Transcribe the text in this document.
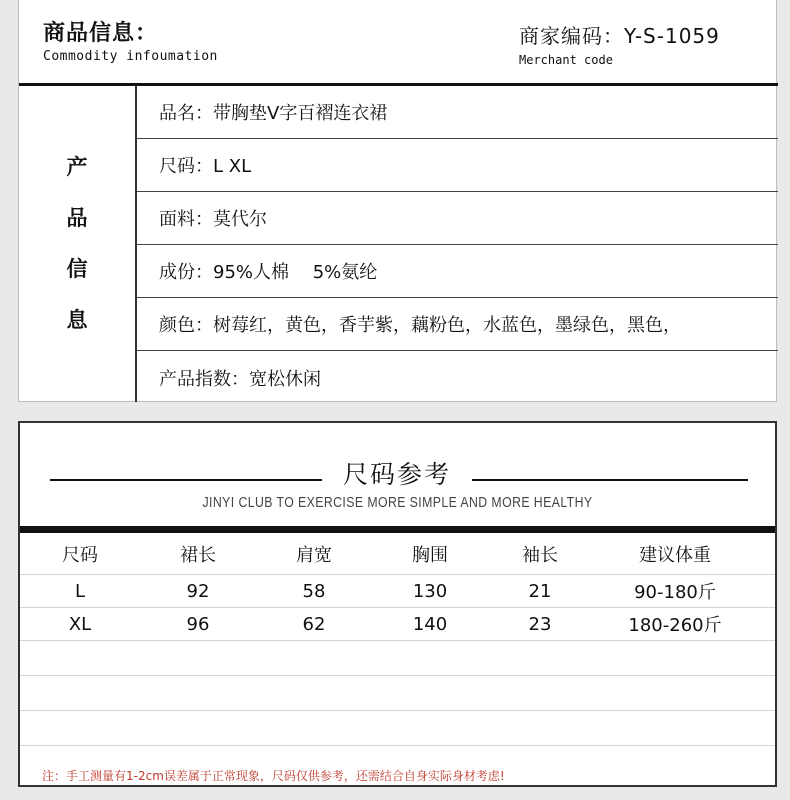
商品信息：
Commodity infoumation
商家编码：Y-S-1059
Merchant code
产
品
信
息
品名：带胸垫V字百褶连衣裙
尺码：L XL
面料：莫代尔
成份：95%人棉　 5%氨纶
颜色：树莓红，黄色，香芋紫，藕粉色，水蓝色，墨绿色，黑色，
产品指数：宽松休闲
尺码参考
JINYI CLUB TO EXERCISE MORE SIMPLE AND MORE HEALTHY
尺码	裙长	肩宽	胸围	袖长	建议体重
L	92	58	130	21	90-180斤
XL	96	62	140	23	180-260斤
注：手工测量有1-2cm误差属于正常现象，尺码仅供参考，还需结合自身实际身材考虑!
